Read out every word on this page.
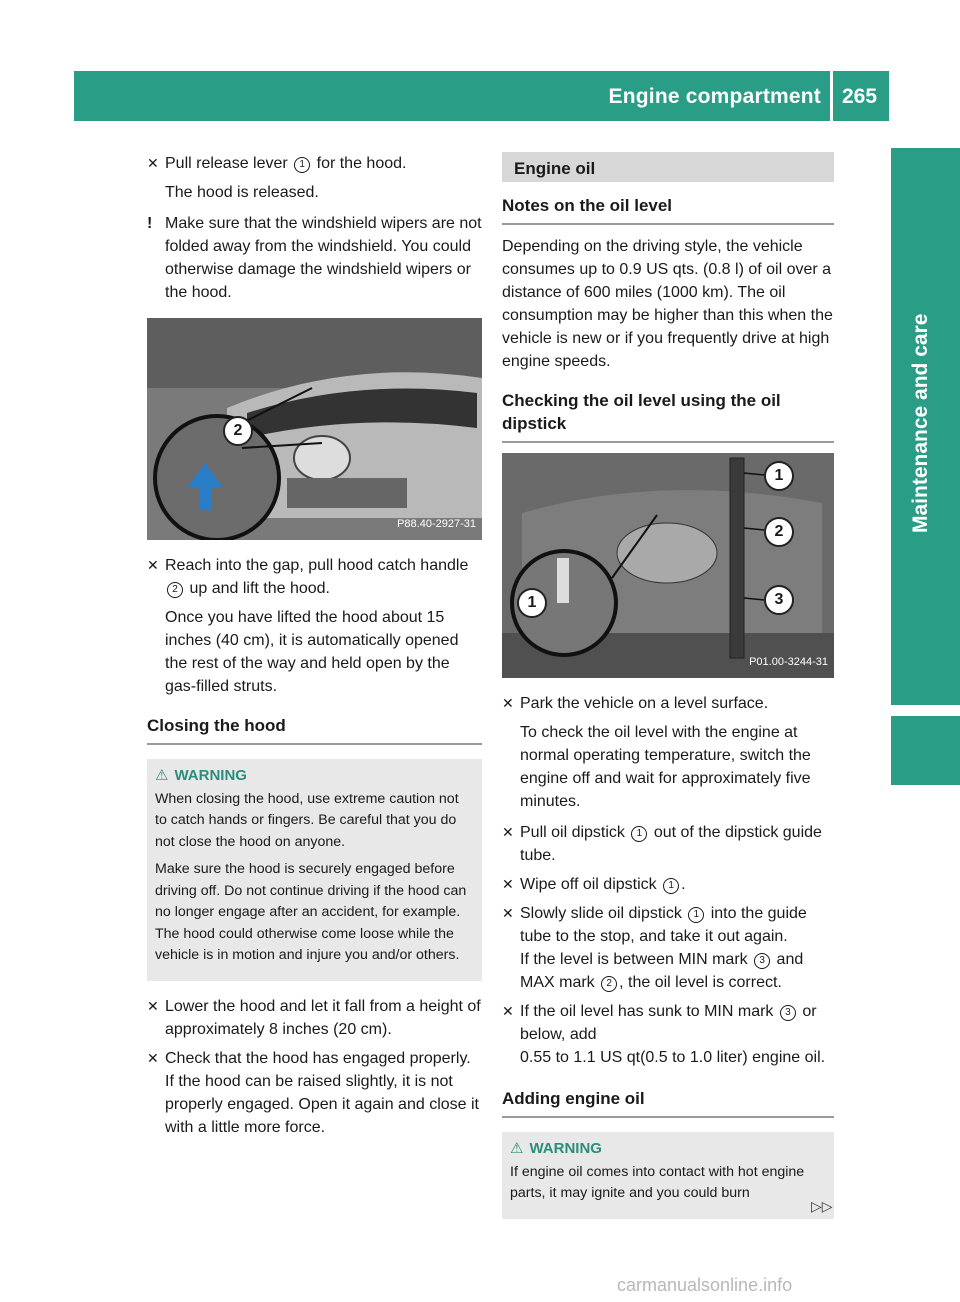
Engine compartment 265
Maintenance and care
✕ Pull release lever 1 for the hood.

The hood is released.

! Make sure that the windshield wipers are not folded away from the windshield. You could otherwise damage the windshield wipers or the hood.
2
P88.40-2927-31
✕ Reach into the gap, pull hood catch handle 2 up and lift the hood.

Once you have lifted the hood about 15 inches (40 cm), it is automatically opened the rest of the way and held open by the gas-filled struts.

Closing the hood
⚠ WARNING

When closing the hood, use extreme caution not to catch hands or fingers. Be careful that you do not close the hood on anyone.

Make sure the hood is securely engaged before driving off. Do not continue driving if the hood can no longer engage after an accident, for example. The hood could otherwise come loose while the vehicle is in motion and injure you and/or others.

✕ Lower the hood and let it fall from a height of approximately 8 inches (20 cm).
✕ Check that the hood has engaged properly.
If the hood can be raised slightly, it is not properly engaged. Open it again and close it with a little more force.
Engine oil
Notes on the oil level

Depending on the driving style, the vehicle consumes up to 0.9 US qts. (0.8 l) of oil over a distance of 600 miles (1000 km). The oil consumption may be higher than this when the vehicle is new or if you frequently drive at high engine speeds.

Checking the oil level using the oil dipstick
1
2
3
1
P01.00-3244-31
✕ Park the vehicle on a level surface.

To check the oil level with the engine at normal operating temperature, switch the engine off and wait for approximately five minutes.

✕ Pull oil dipstick 1 out of the dipstick guide tube.
✕ Wipe off oil dipstick 1 .
✕ Slowly slide oil dipstick 1 into the guide tube to the stop, and take it out again.
If the level is between MIN mark 3 and MAX mark 2 , the oil level is correct.
✕ If the oil level has sunk to MIN mark 3 or below, add
0.55 to 1.1 US qt(0.5 to 1.0 liter) engine oil.
Adding engine oil
⚠ WARNING

If engine oil comes into contact with hot engine parts, it may ignite and you could burn

▷▷
carmanualsonline.info
